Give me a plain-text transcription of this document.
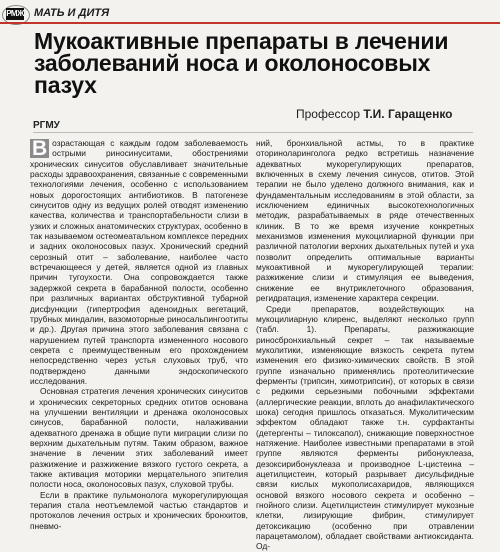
РМЖ МАТЬ И ДИТЯ
Мукоактивные препараты в лечении заболеваний носа и околоносовых пазух
Профессор Т.И. Гаращенко
РГМУ

В озрастающая с каждым годом заболеваемость острыми риносинуситами, обострениями хронических синуситов обуславливает значительные расходы здравоохранения, связанные с современными технологиями лечения, особенно с использованием новых дорогостоящих антибиотиков. В патогенезе синуситов одну из ведущих ролей отводят изменению качества, количества и транспортабельности слизи в узких и сложных анатомических структурах, особенно в так называемом остеомеатальном комплексе передних и задних околоносовых пазух. Хронический средний серозный отит – заболевание, наиболее часто встречающееся у детей, является одной из главных причин тугоухости. Она сопровождается также задержкой секрета в барабанной полости, особенно при различных вариантах обструктивной тубарной дисфункции (гипертрофия аденоидных вегетаций, трубных миндалин, вазомоторные риносальпингоотиты и др.). Другая причина этого заболевания связана с нарушением путей транспорта измененного носового секрета с преимущественным его прохождением непосредственно через устья слуховых труб, что подтверждено данными эндоскопического исследования.

Основная стратегия лечения хронических синуситов и хронических секреторных средних отитов основана на улучшении вентиляции и дренажа околоносовых синусов, барабанной полости, налаживании адекватного дренажа в общие пути миграции слизи по верхним дыхательным путям. Таким образом, важное значение в лечении этих заболеваний имеет разжижение и разжижение вязкого густого секрета, а также активация моторики мерцательного эпителия полости носа, околоносовых пазух, слуховой трубы.

Если в практике пульмонолога мукорегулирующая терапия стала неотъемлемой частью стандартов и протоколов лечения острых и хронических бронхитов, пневмо-

ний, бронхиальной астмы, то в практике оториноларинголога редко встретишь назначение адекватных мукорегулирующих препаратов, включенных в схему лечения синусов, отитов. Этой терапии не было уделено должного внимания, как и фундаментальным исследованиям в этой области, за исключением единичных высокотехнологичных методик, разрабатываемых в ряде отечественных клиник. В то же время изучение конкретных механизмов изменения мукоцилиарной функции при различной патологии верхних дыхательных путей и уха позволит определить оптимальные варианты мукоактивной и мукорегулирующей терапии: разжижение слизи и стимуляция ее выведения, снижение ее внутриклеточного образования, регидратация, изменение характера секреции.

Среди препаратов, воздействующих на мукоцилиарную клиренс, выделяют несколько групп (табл. 1). Препараты, разжижающие риносбронхиальный секрет – так называемые муколитики, изменяющие вязкость секрета путем изменения его физико-химических свойств. В этой группе изначально применялись протеолитические ферменты (трипсин, химотрипсин), от которых в связи с редкими серьезными побочными эффектами (аллергические реакции, вплоть до анафилактического шока) сегодня пришлось отказаться. Муколитическим эффектом обладают также т.н. сурфактанты (детергенты – тилоксапол), снижающие поверхностное натяжение. Наиболее известными препаратами в этой группе являются ферменты рибонуклеаза, дезоксирибонуклеаза и производное L-цистеина – ацетилцистеин, который разрывает дисульфидные связи кислых мукополисахаридов, являющихся основой вязкого носового секрета и особенно – гнойного слизи. Ацетилцистеин стимулирует мукозные клетки, лизирующие фибрин, стимулирует детоксикацию (особенно при отравлении парацетамолом), обладает свойствами антиоксиданта. Од-
